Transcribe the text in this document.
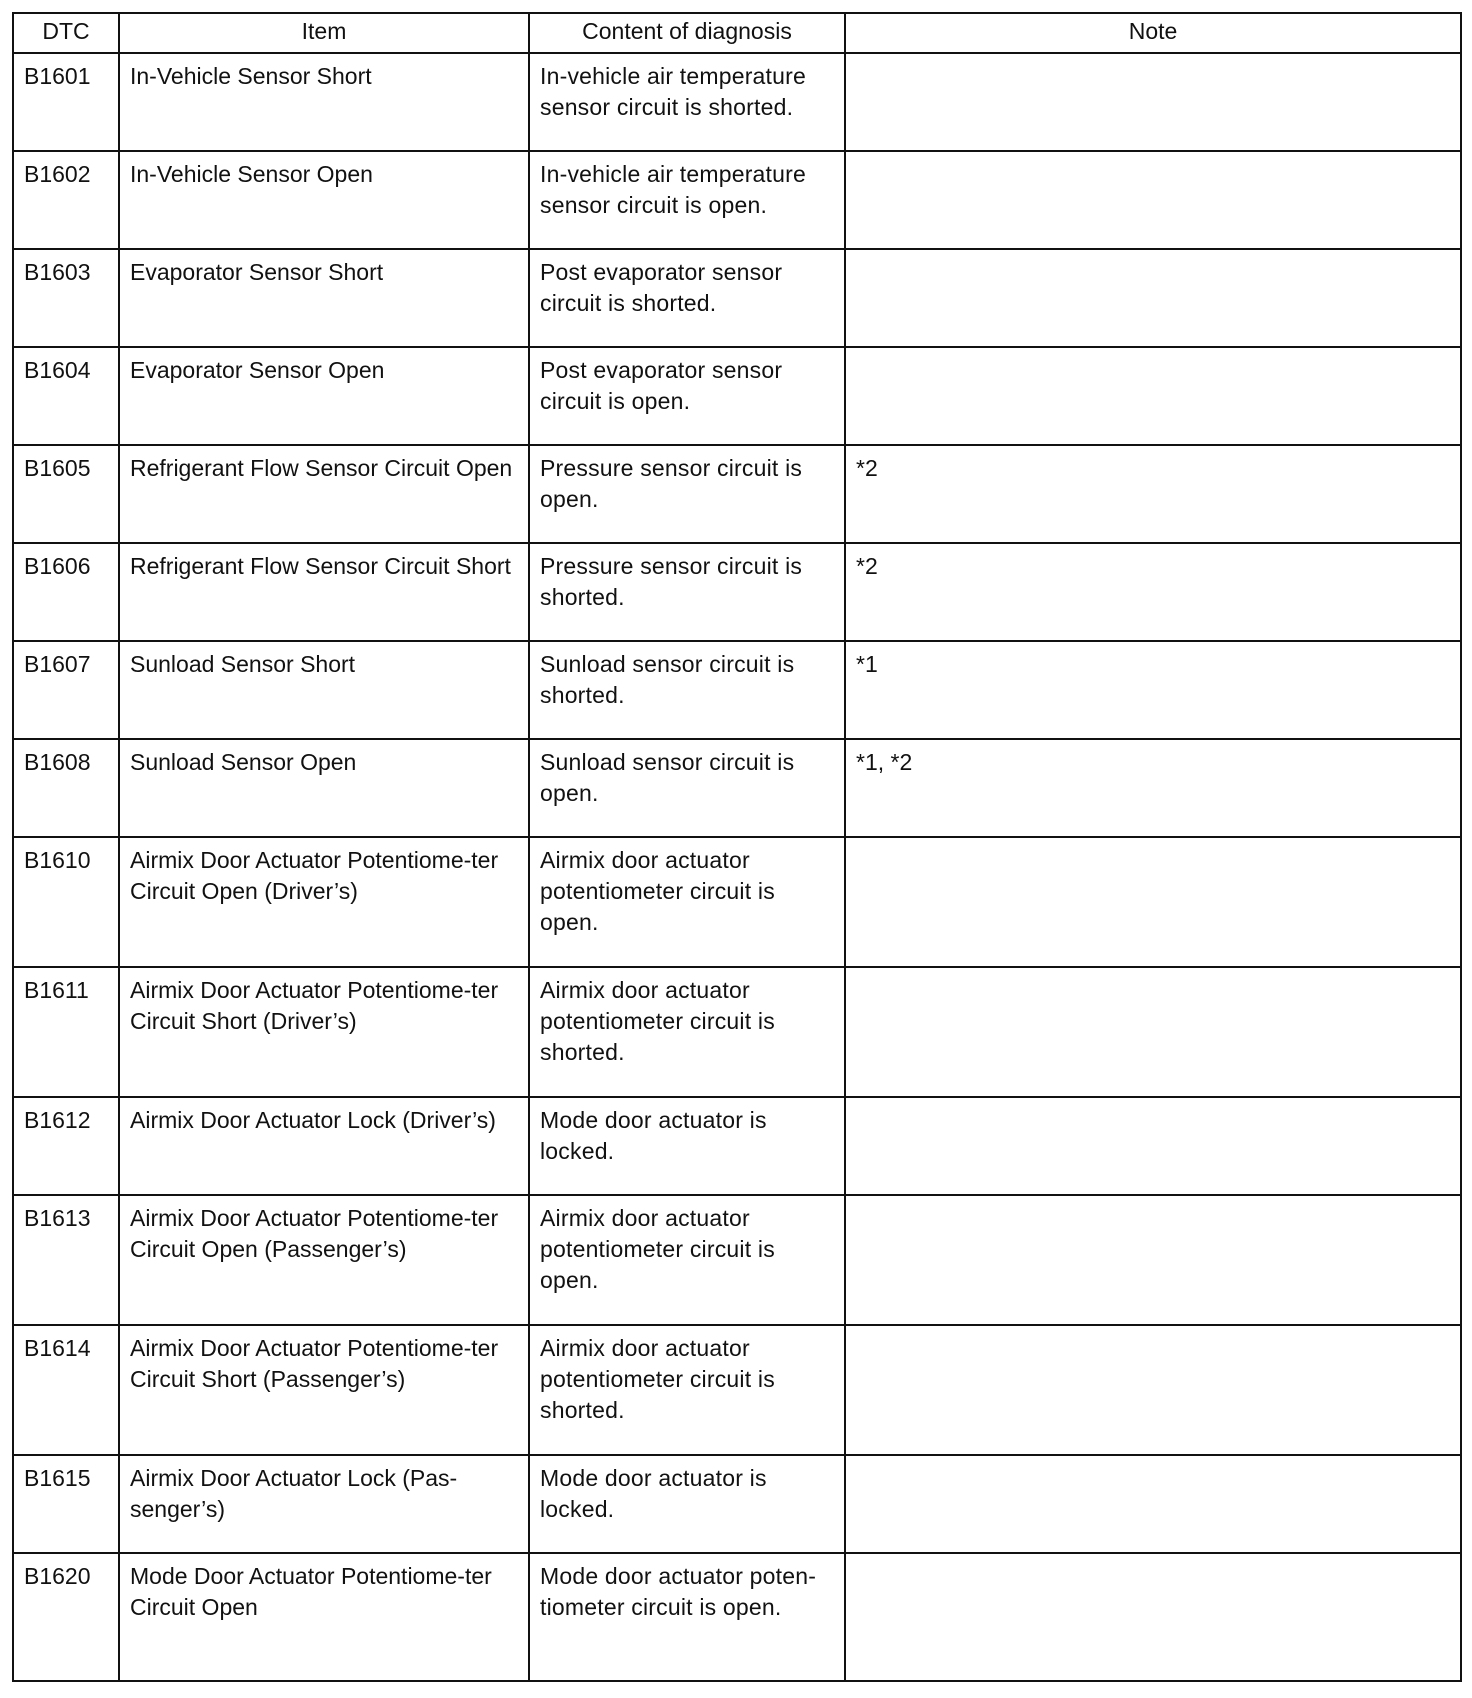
DTC	Item	Content of diagnosis	Note
B1601	In-Vehicle Sensor Short	In-vehicle air temperature sensor circuit is shorted.	
B1602	In-Vehicle Sensor Open	In-vehicle air temperature sensor circuit is open.	
B1603	Evaporator Sensor Short	Post evaporator sensor circuit is shorted.	
B1604	Evaporator Sensor Open	Post evaporator sensor circuit is open.	
B1605	Refrigerant Flow Sensor Circuit Open	Pressure sensor circuit is open.	*2
B1606	Refrigerant Flow Sensor Circuit Short	Pressure sensor circuit is shorted.	*2
B1607	Sunload Sensor Short	Sunload sensor circuit is shorted.	*1
B1608	Sunload Sensor Open	Sunload sensor circuit is open.	*1, *2
B1610	Airmix Door Actuator Potentiome-ter Circuit Open (Driver’s)	Airmix door actuator potentiometer circuit is open.	
B1611	Airmix Door Actuator Potentiome-ter Circuit Short (Driver’s)	Airmix door actuator potentiometer circuit is shorted.	
B1612	Airmix Door Actuator Lock (Driver’s)	Mode door actuator is locked.	
B1613	Airmix Door Actuator Potentiome-ter Circuit Open (Passenger’s)	Airmix door actuator potentiometer circuit is open.	
B1614	Airmix Door Actuator Potentiome-ter Circuit Short (Passenger’s)	Airmix door actuator potentiometer circuit is shorted.	
B1615	Airmix Door Actuator Lock (Pas-senger’s)	Mode door actuator is locked.	
B1620	Mode Door Actuator Potentiome-ter Circuit Open	Mode door actuator poten-tiometer circuit is open.	
